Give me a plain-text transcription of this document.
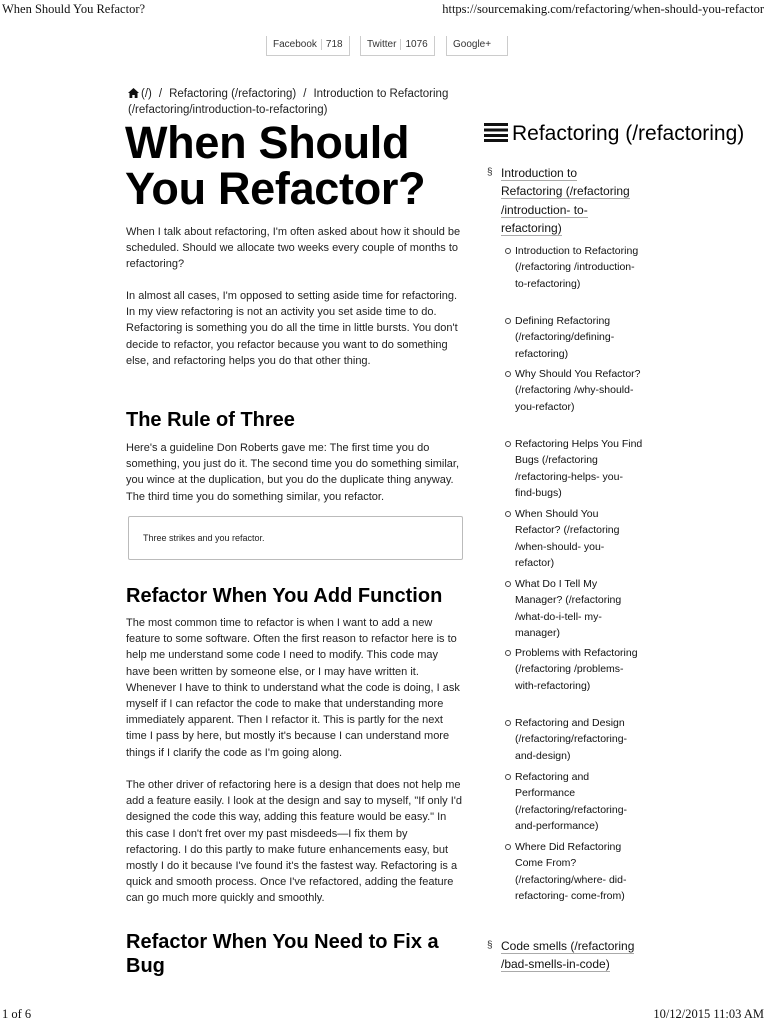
When Should You Refactor?	https://sourcemaking.com/refactoring/when-should-you-refactor
Facebook 718	Twitter 1076	Google+
(/) / Refactoring (/refactoring) / Introduction to Refactoring (/refactoring/introduction-to-refactoring)
When Should You Refactor?

When I talk about refactoring, I'm often asked about how it should be scheduled. Should we allocate two weeks every couple of months to refactoring?

In almost all cases, I'm opposed to setting aside time for refactoring. In my view refactoring is not an activity you set aside time to do. Refactoring is something you do all the time in little bursts. You don't decide to refactor, you refactor because you want to do something else, and refactoring helps you do that other thing.

The Rule of Three

Here's a guideline Don Roberts gave me: The first time you do something, you just do it. The second time you do something similar, you wince at the duplication, but you do the duplicate thing anyway. The third time you do something similar, you refactor.

Three strikes and you refactor.
Refactor When You Add Function

The most common time to refactor is when I want to add a new feature to some software. Often the first reason to refactor here is to help me understand some code I need to modify. This code may have been written by someone else, or I may have written it. Whenever I have to think to understand what the code is doing, I ask myself if I can refactor the code to make that understanding more immediately apparent. Then I refactor it. This is partly for the next time I pass by here, but mostly it's because I can understand more things if I clarify the code as I'm going along.

The other driver of refactoring here is a design that does not help me add a feature easily. I look at the design and say to myself, "If only I'd designed the code this way, adding this feature would be easy." In this case I don't fret over my past misdeeds—I fix them by refactoring. I do this partly to make future enhancements easy, but mostly I do it because I've found it's the fastest way. Refactoring is a quick and smooth process. Once I've refactored, adding the feature can go much more quickly and smoothly.

Refactor When You Need to Fix a Bug
Refactoring (/refactoring)
§ Introduction to Refactoring (/refactoring /introduction- to-refactoring)
Introduction to Refactoring (/refactoring /introduction- to-refactoring)
Defining Refactoring (/refactoring/defining- refactoring)
Why Should You Refactor? (/refactoring /why-should- you-refactor)
Refactoring Helps You Find Bugs (/refactoring /refactoring-helps- you-find-bugs)
When Should You Refactor? (/refactoring /when-should- you-refactor)
What Do I Tell My Manager? (/refactoring /what-do-i-tell- my-manager)
Problems with Refactoring (/refactoring /problems- with-refactoring)
Refactoring and Design (/refactoring/refactoring- and-design)
Refactoring and Performance (/refactoring/refactoring- and-performance)
Where Did Refactoring Come From? (/refactoring/where- did-refactoring- come-from)
§ Code smells (/refactoring /bad-smells-in-code)
1 of 6	10/12/2015 11:03 AM
